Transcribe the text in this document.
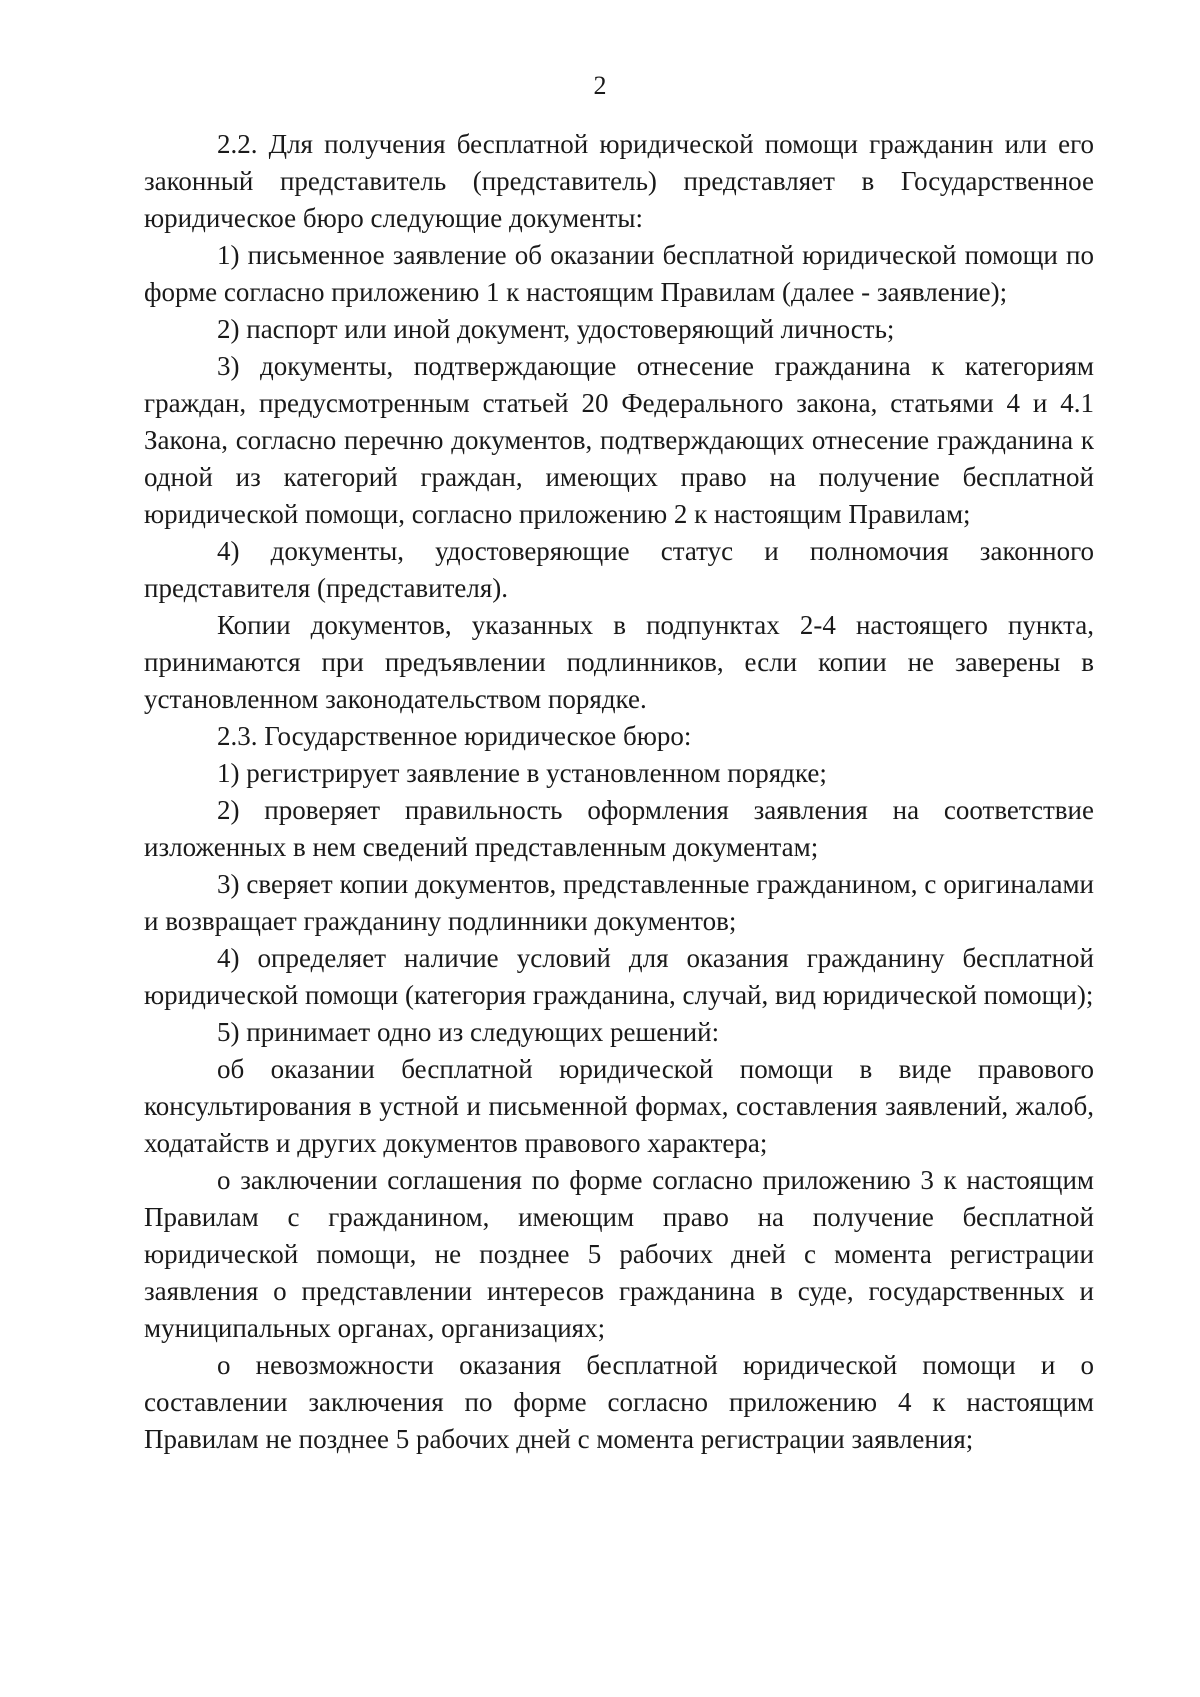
2

2.2. Для получения бесплатной юридической помощи гражданин или его законный представитель (представитель) представляет в Государственное юридическое бюро следующие документы:

1) письменное заявление об оказании бесплатной юридической помощи по форме согласно приложению 1 к настоящим Правилам (далее - заявление);

2) паспорт или иной документ, удостоверяющий личность;

3) документы, подтверждающие отнесение гражданина к категориям граждан, предусмотренным статьей 20 Федерального закона, статьями 4 и 4.1 Закона, согласно перечню документов, подтверждающих отнесение гражданина к одной из категорий граждан, имеющих право на получение бесплатной юридической помощи, согласно приложению 2 к настоящим Правилам;

4) документы, удостоверяющие статус и полномочия законного представителя (представителя).

Копии документов, указанных в подпунктах 2-4 настоящего пункта, принимаются при предъявлении подлинников, если копии не заверены в установленном законодательством порядке.

2.3. Государственное юридическое бюро:

1) регистрирует заявление в установленном порядке;

2) проверяет правильность оформления заявления на соответствие изложенных в нем сведений представленным документам;

3) сверяет копии документов, представленные гражданином, с оригиналами и возвращает гражданину подлинники документов;

4) определяет наличие условий для оказания гражданину бесплатной юридической помощи (категория гражданина, случай, вид юридической помощи);

5) принимает одно из следующих решений:

об оказании бесплатной юридической помощи в виде правового консультирования в устной и письменной формах, составления заявлений, жалоб, ходатайств и других документов правового характера;

о заключении соглашения по форме согласно приложению 3 к настоящим Правилам с гражданином, имеющим право на получение бесплатной юридической помощи, не позднее 5 рабочих дней с момента регистрации заявления о представлении интересов гражданина в суде, государственных и муниципальных органах, организациях;

о невозможности оказания бесплатной юридической помощи и о составлении заключения по форме согласно приложению 4 к настоящим Правилам не позднее 5 рабочих дней с момента регистрации заявления;
